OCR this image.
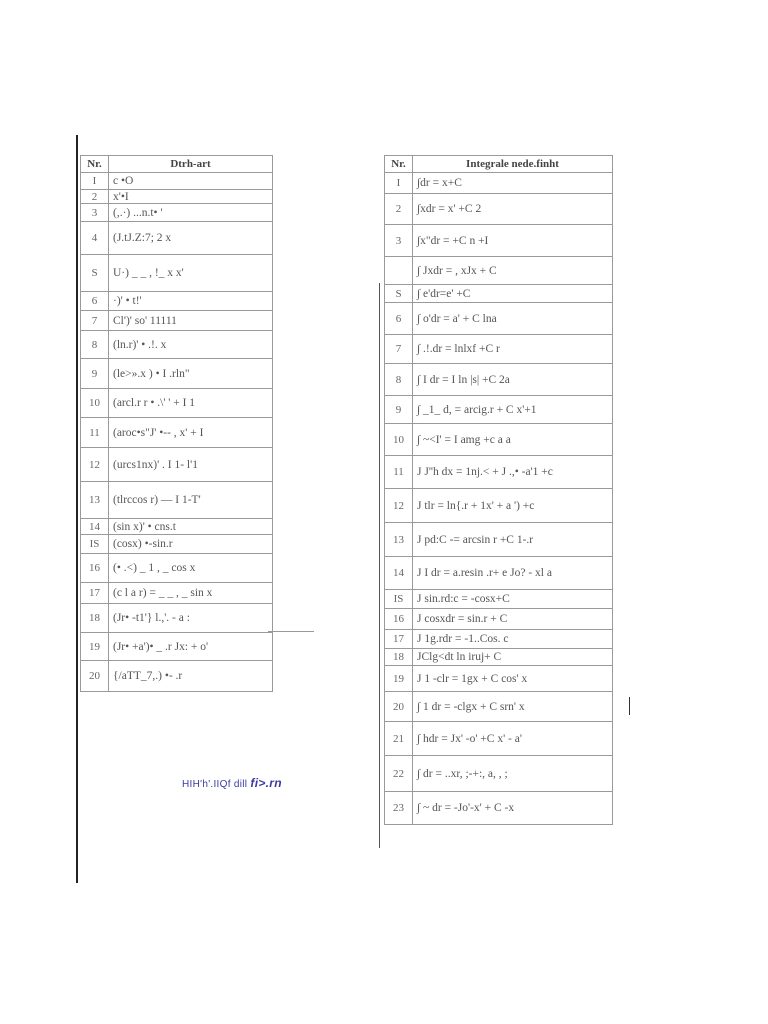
Nr.	Dtrh-art
I	c •O
2	x'•I
3	(,.·) ...n.t• '
4	(J.tJ.Z:7; 2 x
S	U·) _ _ , !_ x x'
6	·)' • t!'
7	Cl')' so' 11111
8	(ln.r)' • .!. x
9	(le>».x ) • I .rln"
10	(arcl.r r • .\' ' + I 1
11	(aroc•s"J' •-- , x' + I
12	(urcs1nx)' . I 1- l'1
13	(tlrccos r) — I 1-T'
14	(sin x)' • cns.t
IS	(cosx) •-sin.r
16	(• .<) _ 1 , _ cos x
17	(c l a r) = _ _ , _ sin x
18	(Jr• -t1'} l.,'. - a :
19	(Jr• +a')• _ .r Jx: + o'
20	{/aTT_7,.) •- .r
Nr.	Integrale nede.finht
I	∫dr = x+C
2	∫xdr = x' +C 2
3	∫x"dr = +C n +I
	∫ Jxdr = , xJx + C
S	∫ e'dr=e' +C
6	∫ o'dr = a' + C lna
7	∫ .!.dr = lnlxf +C r
8	∫ I dr = I ln |s| +C 2a
9	∫ _1_ d, = arcig.r + C x'+1
10	∫ ~<I' = I amg +c a a
11	J J''h dx = 1nj.< + J .,• -a'1 +c
12	J tlr = ln{.r + 1x' + a ') +c
13	J pd:C -= arcsin r +C 1-.r
14	J I dr = a.resin .r+ e Jo? - xl a
IS	J sin.rd:c = -cosx+C
16	J cosxdr = sin.r + C
17	J 1g.rdr = -1..Cos. c
18	JClg<dt ln iruj+ C
19	J 1 -clr = 1gx + C cos' x
20	∫ 1 dr = -clgx + C srn' x
21	∫ hdr = Jx' -o' +C x' - a'
22	∫ dr = ..xr, ;-+:, a, , ;
23	∫ ~ dr = -Jo'-x' + C -x
HIH'h'.IIQf dill fi>.rn
